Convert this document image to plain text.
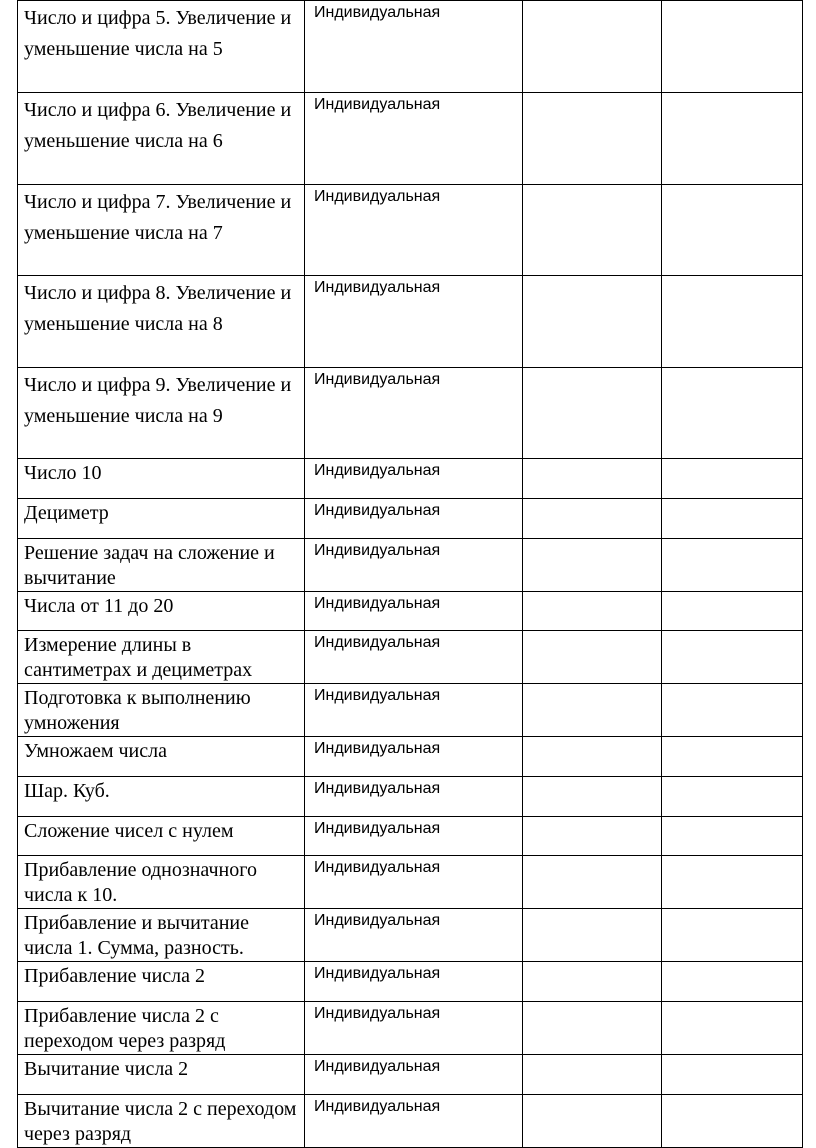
Число и цифра 5. Увеличение и уменьшение числа на 5	Индивидуальная		
Число и цифра 6. Увеличение и уменьшение числа на 6	Индивидуальная		
Число и цифра 7. Увеличение и уменьшение числа на 7	Индивидуальная		
Число и цифра 8. Увеличение и уменьшение числа на 8	Индивидуальная		
Число и цифра 9. Увеличение и уменьшение числа на 9	Индивидуальная		
Число 10	Индивидуальная		
Дециметр	Индивидуальная		
Решение задач на сложение и вычитание	Индивидуальная		
Числа от 11 до 20	Индивидуальная		
Измерение длины в сантиметрах и дециметрах	Индивидуальная		
Подготовка к выполнению умножения	Индивидуальная		
Умножаем числа	Индивидуальная		
Шар. Куб.	Индивидуальная		
Сложение чисел с нулем	Индивидуальная		
Прибавление однозначного числа к 10.	Индивидуальная		
Прибавление и вычитание числа 1. Сумма, разность.	Индивидуальная		
Прибавление числа 2	Индивидуальная		
Прибавление числа 2 с переходом через разряд	Индивидуальная		
Вычитание числа 2	Индивидуальная		
Вычитание числа 2 с переходом через разряд	Индивидуальная		
